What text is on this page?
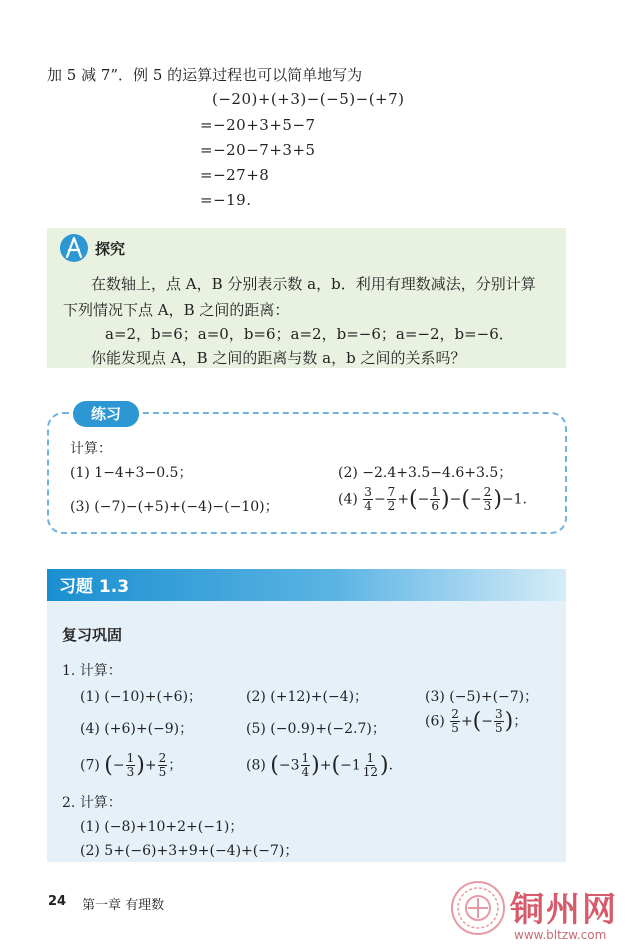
加 5 减 7”．例 5 的运算过程也可以简单地写为
(−20)+(+3)−(−5)−(+7)
=−20+3+5−7
=−20−7+3+5
=−27+8
=−19.
在数轴上，点 A，B 分别表示数 a，b．利用有理数减法，分别计算
下列情况下点 A，B 之间的距离：
a=2，b=6；a=0，b=6；a=2，b=−6；a=−2，b=−6．
你能发现点 A，B 之间的距离与数 a，b 之间的关系吗？
探究
练习
计算：
(1) 1−4+3−0.5；	(2) −2.4+3.5−4.6+3.5；
(3) (−7)−(+5)+(−4)−(−10)；	$(4) \frac{3}{4} - \frac{7}{2}$ +(− $\frac{1}{6}$ )−(− $\frac{2}{3} )-1$.
习题 1.3
复习巩固
1. 计算：
(1) (−10)+(+6)；	(2) (+12)+(−4)；	(3) (−5)+(−7)；
(4) (+6)+(−9)；	(5) (−0.9)+(−2.7)；	$(6) \frac{2}{5}$ +(− $\frac{3}{5}$ )；
(7) (− $\frac{1}{3}$ )+ $\frac{2}{5}$ ；	(8) $(-3 \frac{1}{4} )+(-1 \frac{1}{12}$ ).
2. 计算：
(1) (−8)+10+2+(−1)；
(2) 5+(−6)+3+9+(−4)+(−7)；
24 第一章 有理数	铜州网
www.bltzw.com
